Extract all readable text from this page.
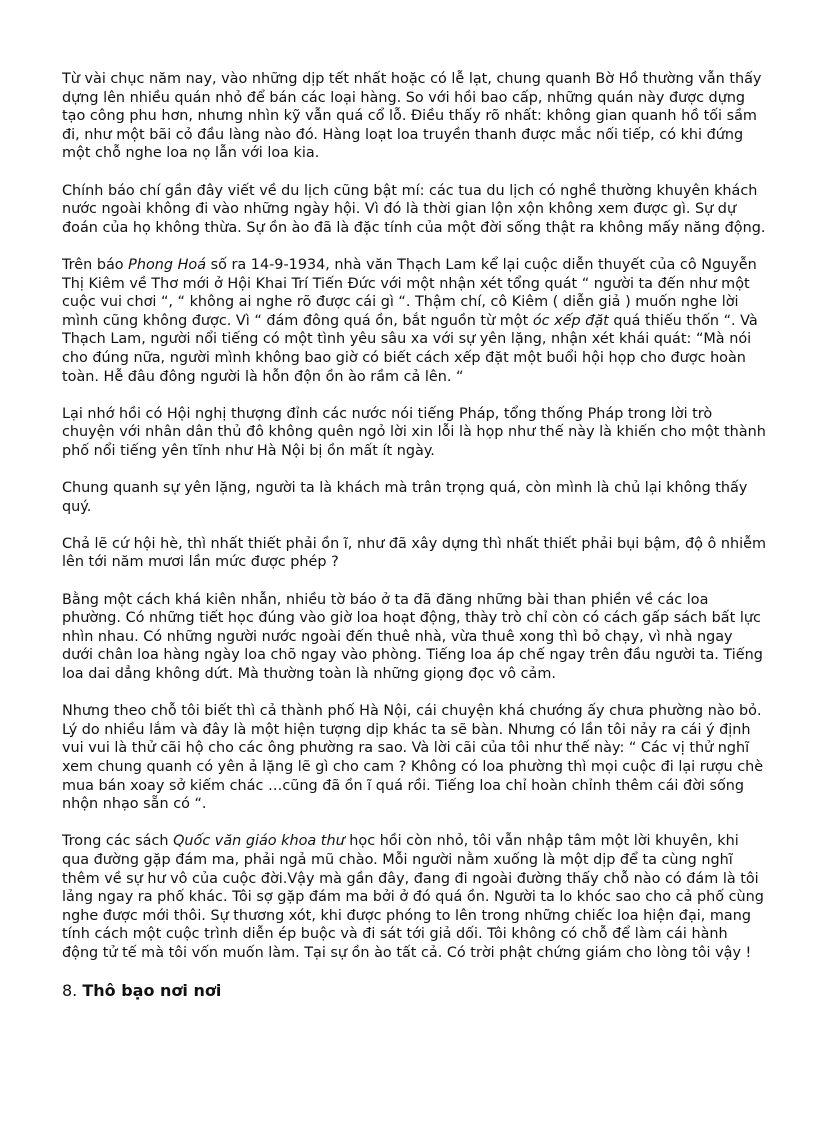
Từ vài chục năm nay, vào những dịp tết nhất hoặc có lễ lạt, chung quanh Bờ Hồ thường vẫn thấy dựng lên nhiều quán nhỏ để bán các loại hàng. So với hồi bao cấp, những quán này được dựng tạo công phu hơn, nhưng nhìn kỹ vẫn quá cổ lỗ. Điều thấy rõ nhất: không gian quanh hồ tối sầm đi, như một bãi cỏ đầu làng nào đó. Hàng loạt loa truyền thanh được mắc nối tiếp, có khi đứng một chỗ nghe loa nọ lẫn với loa kia.

Chính báo chí gần đây viết về du lịch cũng bật mí: các tua du lịch có nghề thường khuyên khách nước ngoài không đi vào những ngày hội. Vì đó là thời gian lộn xộn không xem được gì. Sự dự đoán của họ không thừa. Sự ồn ào đã là đặc tính của một đời sống thật ra không mấy năng động.

Trên báo Phong Hoá số ra 14-9-1934, nhà văn Thạch Lam kể lại cuộc diễn thuyết của cô Nguyễn Thị Kiêm về Thơ mới ở Hội Khai Trí Tiến Đức với một nhận xét tổng quát “ người ta đến như một cuộc vui chơi “, “ không ai nghe rõ được cái gì “. Thậm chí, cô Kiêm ( diễn giả ) muốn nghe lời mình cũng không được. Vì “ đám đông quá ồn, bắt nguồn từ một óc xếp đặt quá thiếu thốn “. Và Thạch Lam, người nổi tiếng có một tình yêu sâu xa với sự yên lặng, nhận xét khái quát: “Mà nói cho đúng nữa, người mình không bao giờ có biết cách xếp đặt một buổi hội họp cho được hoàn toàn. Hễ đâu đông người là hỗn độn ồn ào rầm cả lên. “

Lại nhớ hồi có Hội nghị thượng đỉnh các nước nói tiếng Pháp, tổng thống Pháp trong lời trò chuyện với nhân dân thủ đô không quên ngỏ lời xin lỗi là họp như thế này là khiến cho một thành phố nổi tiếng yên tĩnh như Hà Nội bị ồn mất ít ngày.

Chung quanh sự yên lặng, người ta là khách mà trân trọng quá, còn mình là chủ lại không thấy quý.

Chả lẽ cứ hội hè, thì nhất thiết phải ồn ĩ, như đã xây dựng thì nhất thiết phải bụi bậm, độ ô nhiễm lên tới năm mươi lần mức được phép ?

Bằng một cách khá kiên nhẫn, nhiều tờ báo ở ta đã đăng những bài than phiền về các loa phường. Có những tiết học đúng vào giờ loa hoạt động, thày trò chỉ còn có cách gấp sách bất lực nhìn nhau. Có những người nước ngoài đến thuê nhà, vừa thuê xong thì bỏ chạy, vì nhà ngay dưới chân loa hàng ngày loa chõ ngay vào phòng. Tiếng loa áp chế ngay trên đầu người ta. Tiếng loa dai dẳng không dứt. Mà thường toàn là những giọng đọc vô cảm.

Nhưng theo chỗ tôi biết thì cả thành phố Hà Nội, cái chuyện khá chướng ấy chưa phường nào bỏ. Lý do nhiều lắm và đây là một hiện tượng dịp khác ta sẽ bàn. Nhưng có lần tôi nảy ra cái ý định vui vui là thử cãi hộ cho các ông phường ra sao. Và lời cãi của tôi như thế này: “ Các vị thử nghĩ xem chung quanh có yên ả lặng lẽ gì cho cam ? Không có loa phường thì mọi cuộc đi lại rượu chè mua bán xoay sở kiếm chác …cũng đã ồn ĩ quá rồi. Tiếng loa chỉ hoàn chỉnh thêm cái đời sống nhộn nhạo sẵn có “.

Trong các sách Quốc văn giáo khoa thư học hồi còn nhỏ, tôi vẫn nhập tâm một lời khuyên, khi qua đường gặp đám ma, phải ngả mũ chào. Mỗi người nằm xuống là một dịp để ta cùng nghĩ thêm về sự hư vô của cuộc đời.Vậy mà gần đây, đang đi ngoài đường thấy chỗ nào có đám là tôi lảng ngay ra phố khác. Tôi sợ gặp đám ma bởi ở đó quá ồn. Người ta lo khóc sao cho cả phố cùng nghe được mới thôi. Sự thương xót, khi được phóng to lên trong những chiếc loa hiện đại, mang tính cách một cuộc trình diễn ép buộc và đi sát tới giả dối. Tôi không có chỗ để làm cái hành động tử tế mà tôi vốn muốn làm. Tại sự ồn ào tất cả. Có trời phật chứng giám cho lòng tôi vậy !

8. Thô bạo nơi nơi
